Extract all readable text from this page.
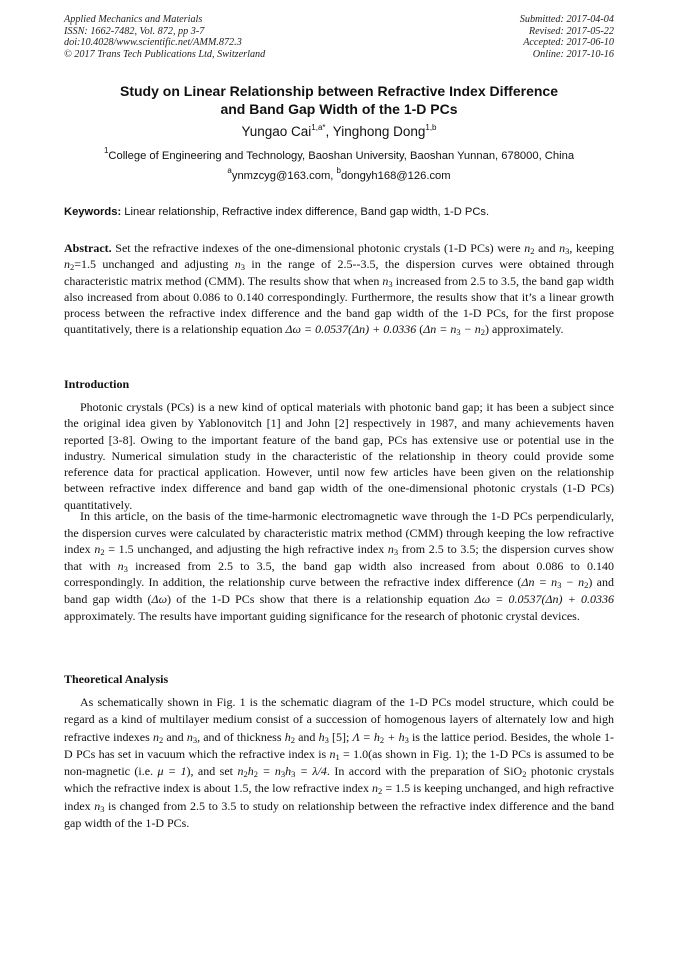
Applied Mechanics and Materials
ISSN: 1662-7482, Vol. 872, pp 3-7
doi:10.4028/www.scientific.net/AMM.872.3
© 2017 Trans Tech Publications Ltd, Switzerland
Submitted: 2017-04-04
Revised: 2017-05-22
Accepted: 2017-06-10
Online: 2017-10-16
Study on Linear Relationship between Refractive Index Difference
and Band Gap Width of the 1-D PCs
Yungao Cai$^{1,a*}$, Yinghong Dong$^{1,b}$
$^1$College of Engineering and Technology, Baoshan University, Baoshan Yunnan, 678000, China
$^a$ynmzcyg@163.com, $^b$dongyh168@126.com
Keywords: Linear relationship, Refractive index difference, Band gap width, 1-D PCs.
Abstract. Set the refractive indexes of the one-dimensional photonic crystals (1-D PCs) were $n_2$ and $n_3$, keeping $n_2=1.5$ unchanged and adjusting $n_3$ in the range of 2.5--3.5, the dispersion curves were obtained through characteristic matrix method (CMM). The results show that when $n_3$ increased from 2.5 to 3.5, the band gap width also increased from about 0.086 to 0.140 correspondingly. Furthermore, the results show that it’s a linear growth process between the refractive index difference and the band gap width of the 1-D PCs, for the first propose quantitatively, there is a relationship equation Δω = 0.0537(Δn) + 0.0336 $(\Delta n = n_3 - n_2)$ approximately.
Introduction
Photonic crystals (PCs) is a new kind of optical materials with photonic band gap; it has been a subject since the original idea given by Yablonovitch [1] and John [2] respectively in 1987, and many achievements haven reported [3-8]. Owing to the important feature of the band gap, PCs has extensive use or potential use in the industry. Numerical simulation study in the characteristic of the relationship in theory could provide some reference data for practical application. However, until now few articles have been given on the relationship between refractive index difference and band gap width of the one-dimensional photonic crystals (1-D PCs) quantitatively.
In this article, on the basis of the time-harmonic electromagnetic wave through the 1-D PCs perpendicularly, the dispersion curves were calculated by characteristic matrix method (CMM) through keeping the low refractive index $n_2 = 1.5$ unchanged, and adjusting the high refractive index $n_3$ from 2.5 to 3.5; the dispersion curves show that with $n_3$ increased from 2.5 to 3.5, the band gap width also increased from about 0.086 to 0.140 correspondingly. In addition, the relationship curve between the refractive index difference $(\Delta n = n_3 - n_2)$ and band gap width (Δω) of the 1-D PCs show that there is a relationship equation Δω = 0.0537(Δn) + 0.0336 approximately. The results have important guiding significance for the research of photonic crystal devices.
Theoretical Analysis
As schematically shown in Fig. 1 is the schematic diagram of the 1-D PCs model structure, which could be regard as a kind of multilayer medium consist of a succession of homogenous layers of alternately low and high refractive indexes $n_2$ and $n_3$, and of thickness $h_2$ and $h_3$ [5]; $\Lambda = h_2 + h_3$ is the lattice period. Besides, the whole 1-D PCs has set in vacuum which the refractive index is $n_1 = 1.0(as$ shown in Fig. 1); the 1-D PCs is assumed to be non-magnetic (i.e. μ = 1), and set $n_2h_2 = n_3h_3 = \lambda/4$. In accord with the preparation of SiO$_2$ photonic crystals which the refractive index is about 1.5, the low refractive index $n_2 = 1.5$ is keeping unchanged, and high refractive index $n_3$ is changed from 2.5 to 3.5 to study on relationship between the refractive index difference and the band gap width of the 1-D PCs.
